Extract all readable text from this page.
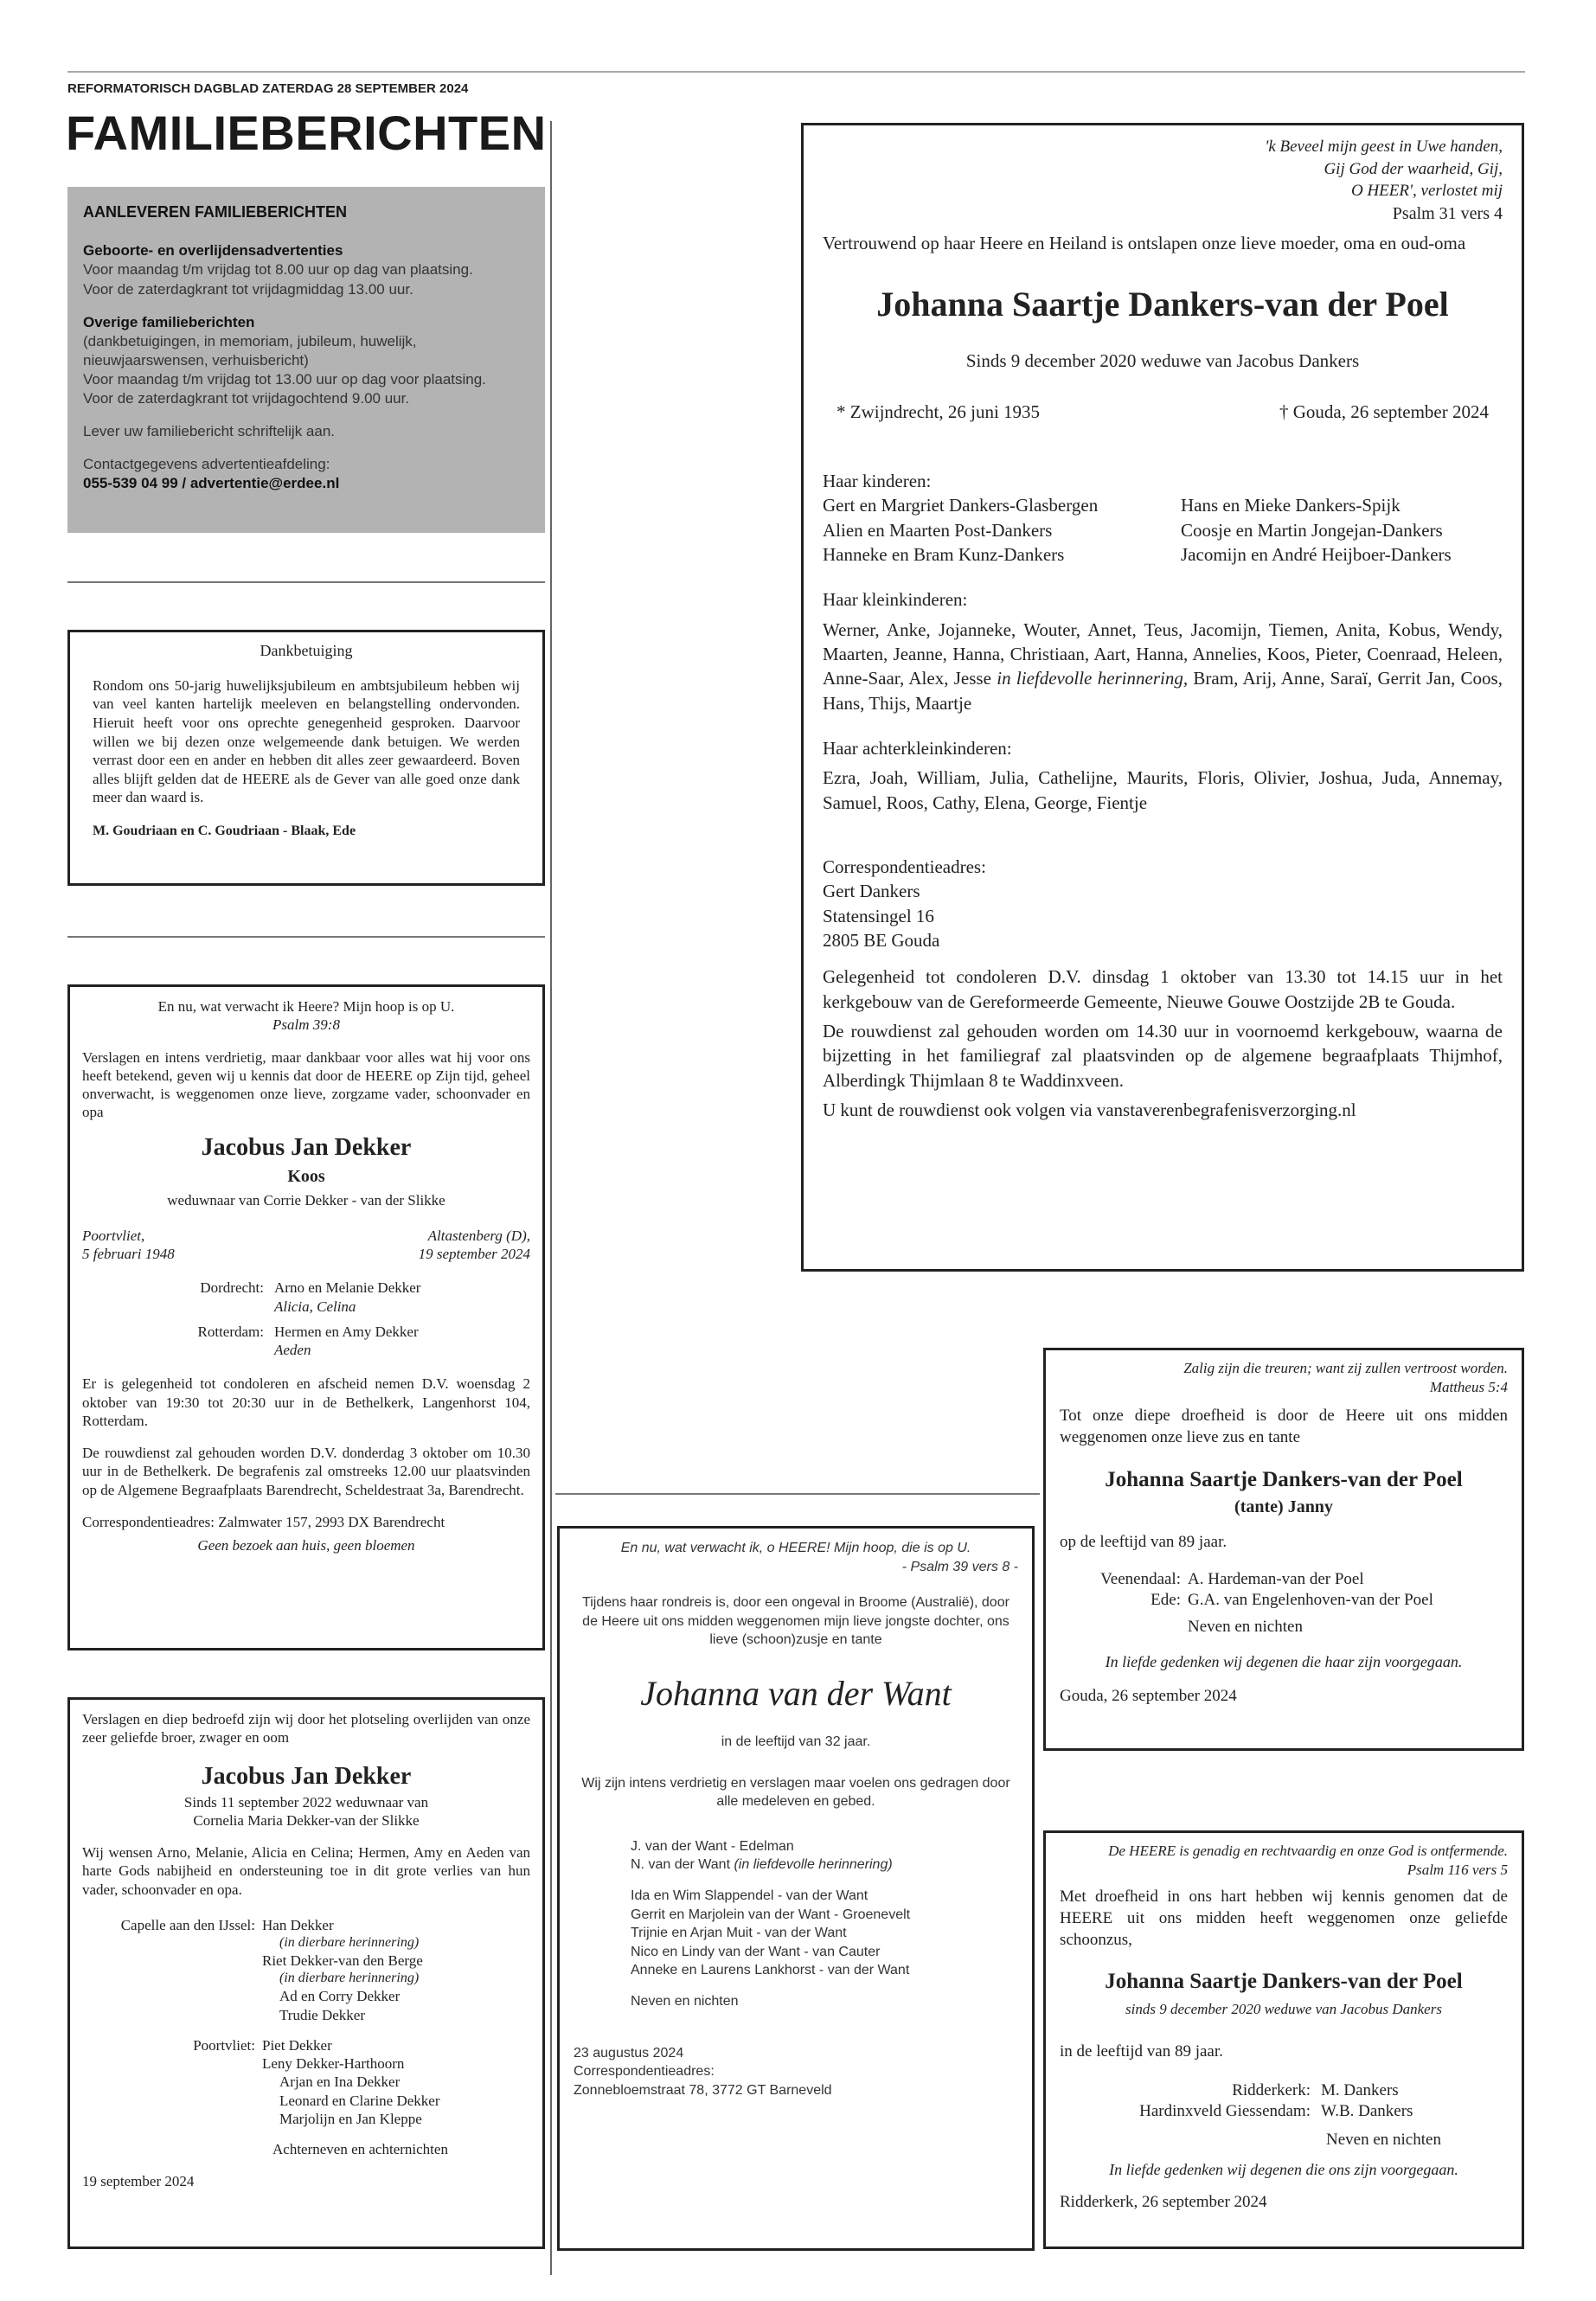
REFORMATORISCH DAGBLAD ZATERDAG 28 SEPTEMBER 2024
FAMILIEBERICHTEN

AANLEVEREN FAMILIEBERICHTEN

Geboorte- en overlijdensadvertenties

Voor maandag t/m vrijdag tot 8.00 uur op dag van plaatsing.

Voor de zaterdagkrant tot vrijdagmiddag 13.00 uur.

Overige familieberichten

(dankbetuigingen, in memoriam, jubileum, huwelijk, nieuwjaarswensen, verhuisbericht)

Voor maandag t/m vrijdag tot 13.00 uur op dag voor plaatsing.

Voor de zaterdagkrant tot vrijdagochtend 9.00 uur.

Lever uw familiebericht schriftelijk aan.

Contactgegevens advertentieafdeling:

055-539 04 99 / advertentie@erdee.nl

Dankbetuiging

Rondom ons 50-jarig huwelijksjubileum en ambtsjubileum hebben wij van veel kanten hartelijk meeleven en belangstelling ondervonden. Hieruit heeft voor ons oprechte genegenheid gesproken. Daarvoor willen we bij dezen onze welgemeende dank betuigen. We werden verrast door een en ander en hebben dit alles zeer gewaardeerd. Boven alles blijft gelden dat de HEERE als de Gever van alle goed onze dank meer dan waard is.

M. Goudriaan en C. Goudriaan - Blaak, Ede

En nu, wat verwacht ik Heere? Mijn hoop is op U.

Psalm 39:8

Verslagen en intens verdrietig, maar dankbaar voor alles wat hij voor ons heeft betekend, geven wij u kennis dat door de HEERE op Zijn tijd, geheel onverwacht, is weggenomen onze lieve, zorgzame vader, schoonvader en opa

Jacobus Jan Dekker

Koos

weduwnaar van Corrie Dekker - van der Slikke

Poortvliet,

5 februari 1948

Altastenberg (D),

19 september 2024

Dordrecht: Arno en Melanie Dekker

Alicia, Celina

Rotterdam: Hermen en Amy Dekker

Aeden

Er is gelegenheid tot condoleren en afscheid nemen D.V. woensdag 2 oktober van 19:30 tot 20:30 uur in de Bethelkerk, Langenhorst 104, Rotterdam.

De rouwdienst zal gehouden worden D.V. donderdag 3 oktober om 10.30 uur in de Bethelkerk. De begrafenis zal omstreeks 12.00 uur plaatsvinden op de Algemene Begraafplaats Barendrecht, Scheldestraat 3a, Barendrecht.

Correspondentieadres: Zalmwater 157, 2993 DX Barendrecht

Geen bezoek aan huis, geen bloemen

Verslagen en diep bedroefd zijn wij door het plotseling overlijden van onze zeer geliefde broer, zwager en oom

Jacobus Jan Dekker

Sinds 11 september 2022 weduwnaar van

Cornelia Maria Dekker-van der Slikke

Wij wensen Arno, Melanie, Alicia en Celina; Hermen, Amy en Aeden van harte Gods nabijheid en ondersteuning toe in dit grote verlies van hun vader, schoonvader en opa.

Capelle aan den IJssel: Han Dekker

(in dierbare herinnering)

Riet Dekker-van den Berge

(in dierbare herinnering)

Ad en Corry Dekker

Trudie Dekker

Poortvliet: Piet Dekker

Leny Dekker-Harthoorn

Arjan en Ina Dekker

Leonard en Clarine Dekker

Marjolijn en Jan Kleppe

Achterneven en achternichten

19 september 2024

En nu, wat verwacht ik, o HEERE! Mijn hoop, die is op U.

- Psalm 39 vers 8 -

Tijdens haar rondreis is, door een ongeval in Broome (Australië), door de Heere uit ons midden weggenomen mijn lieve jongste dochter, ons lieve (schoon)zusje en tante

Johanna van der Want

in de leeftijd van 32 jaar.

Wij zijn intens verdrietig en verslagen maar voelen ons gedragen door alle medeleven en gebed.

J. van der Want - Edelman

N. van der Want (in liefdevolle herinnering)

Ida en Wim Slappendel - van der Want

Gerrit en Marjolein van der Want - Groenevelt

Trijnie en Arjan Muit - van der Want

Nico en Lindy van der Want - van Cauter

Anneke en Laurens Lankhorst - van der Want

Neven en nichten

23 augustus 2024

Correspondentieadres:

Zonnebloemstraat 78, 3772 GT Barneveld

'k Beveel mijn geest in Uwe handen,

Gij God der waarheid, Gij,

O HEER', verlostet mij

Psalm 31 vers 4

Vertrouwend op haar Heere en Heiland is ontslapen onze lieve moeder, oma en oud-oma

Johanna Saartje Dankers-van der Poel

Sinds 9 december 2020 weduwe van Jacobus Dankers

* Zwijndrecht, 26 juni 1935	† Gouda, 26 september 2024

Haar kinderen:

Gert en Margriet Dankers-Glasbergen

Alien en Maarten Post-Dankers

Hanneke en Bram Kunz-Dankers

Hans en Mieke Dankers-Spijk

Coosje en Martin Jongejan-Dankers

Jacomijn en André Heijboer-Dankers

Haar kleinkinderen:

Werner, Anke, Jojanneke, Wouter, Annet, Teus, Jacomijn, Tiemen, Anita, Kobus, Wendy, Maarten, Jeanne, Hanna, Christiaan, Aart, Hanna, Annelies, Koos, Pieter, Coenraad, Heleen, Anne-Saar, Alex, Jesse in liefdevolle herinnering, Bram, Arij, Anne, Saraï, Gerrit Jan, Coos, Hans, Thijs, Maartje

Haar achterkleinkinderen:

Ezra, Joah, William, Julia, Cathelijne, Maurits, Floris, Olivier, Joshua, Juda, Annemay, Samuel, Roos, Cathy, Elena, George, Fientje

Correspondentieadres:

Gert Dankers

Statensingel 16

2805 BE Gouda

Gelegenheid tot condoleren D.V. dinsdag 1 oktober van 13.30 tot 14.15 uur in het kerkgebouw van de Gereformeerde Gemeente, Nieuwe Gouwe Oostzijde 2B te Gouda.

De rouwdienst zal gehouden worden om 14.30 uur in voornoemd kerkgebouw, waarna de bijzetting in het familiegraf zal plaatsvinden op de algemene begraafplaats Thijmhof, Alberdingk Thijmlaan 8 te Waddinxveen.

U kunt de rouwdienst ook volgen via vanstaverenbegrafenisverzorging.nl

Zalig zijn die treuren; want zij zullen vertroost worden.

Mattheus 5:4

Tot onze diepe droefheid is door de Heere uit ons midden weggenomen onze lieve zus en tante

Johanna Saartje Dankers-van der Poel

(tante) Janny

op de leeftijd van 89 jaar.

Veenendaal: A. Hardeman-van der Poel

Ede: G.A. van Engelenhoven-van der Poel

Neven en nichten

In liefde gedenken wij degenen die haar zijn voorgegaan.

Gouda, 26 september 2024

De HEERE is genadig en rechtvaardig en onze God is ontfermende.

Psalm 116 vers 5

Met droefheid in ons hart hebben wij kennis genomen dat de HEERE uit ons midden heeft weggenomen onze geliefde schoonzus,

Johanna Saartje Dankers-van der Poel

sinds 9 december 2020 weduwe van Jacobus Dankers

in de leeftijd van 89 jaar.

Ridderkerk: M. Dankers

Hardinxveld Giessendam: W.B. Dankers

Neven en nichten

In liefde gedenken wij degenen die ons zijn voorgegaan.

Ridderkerk, 26 september 2024
